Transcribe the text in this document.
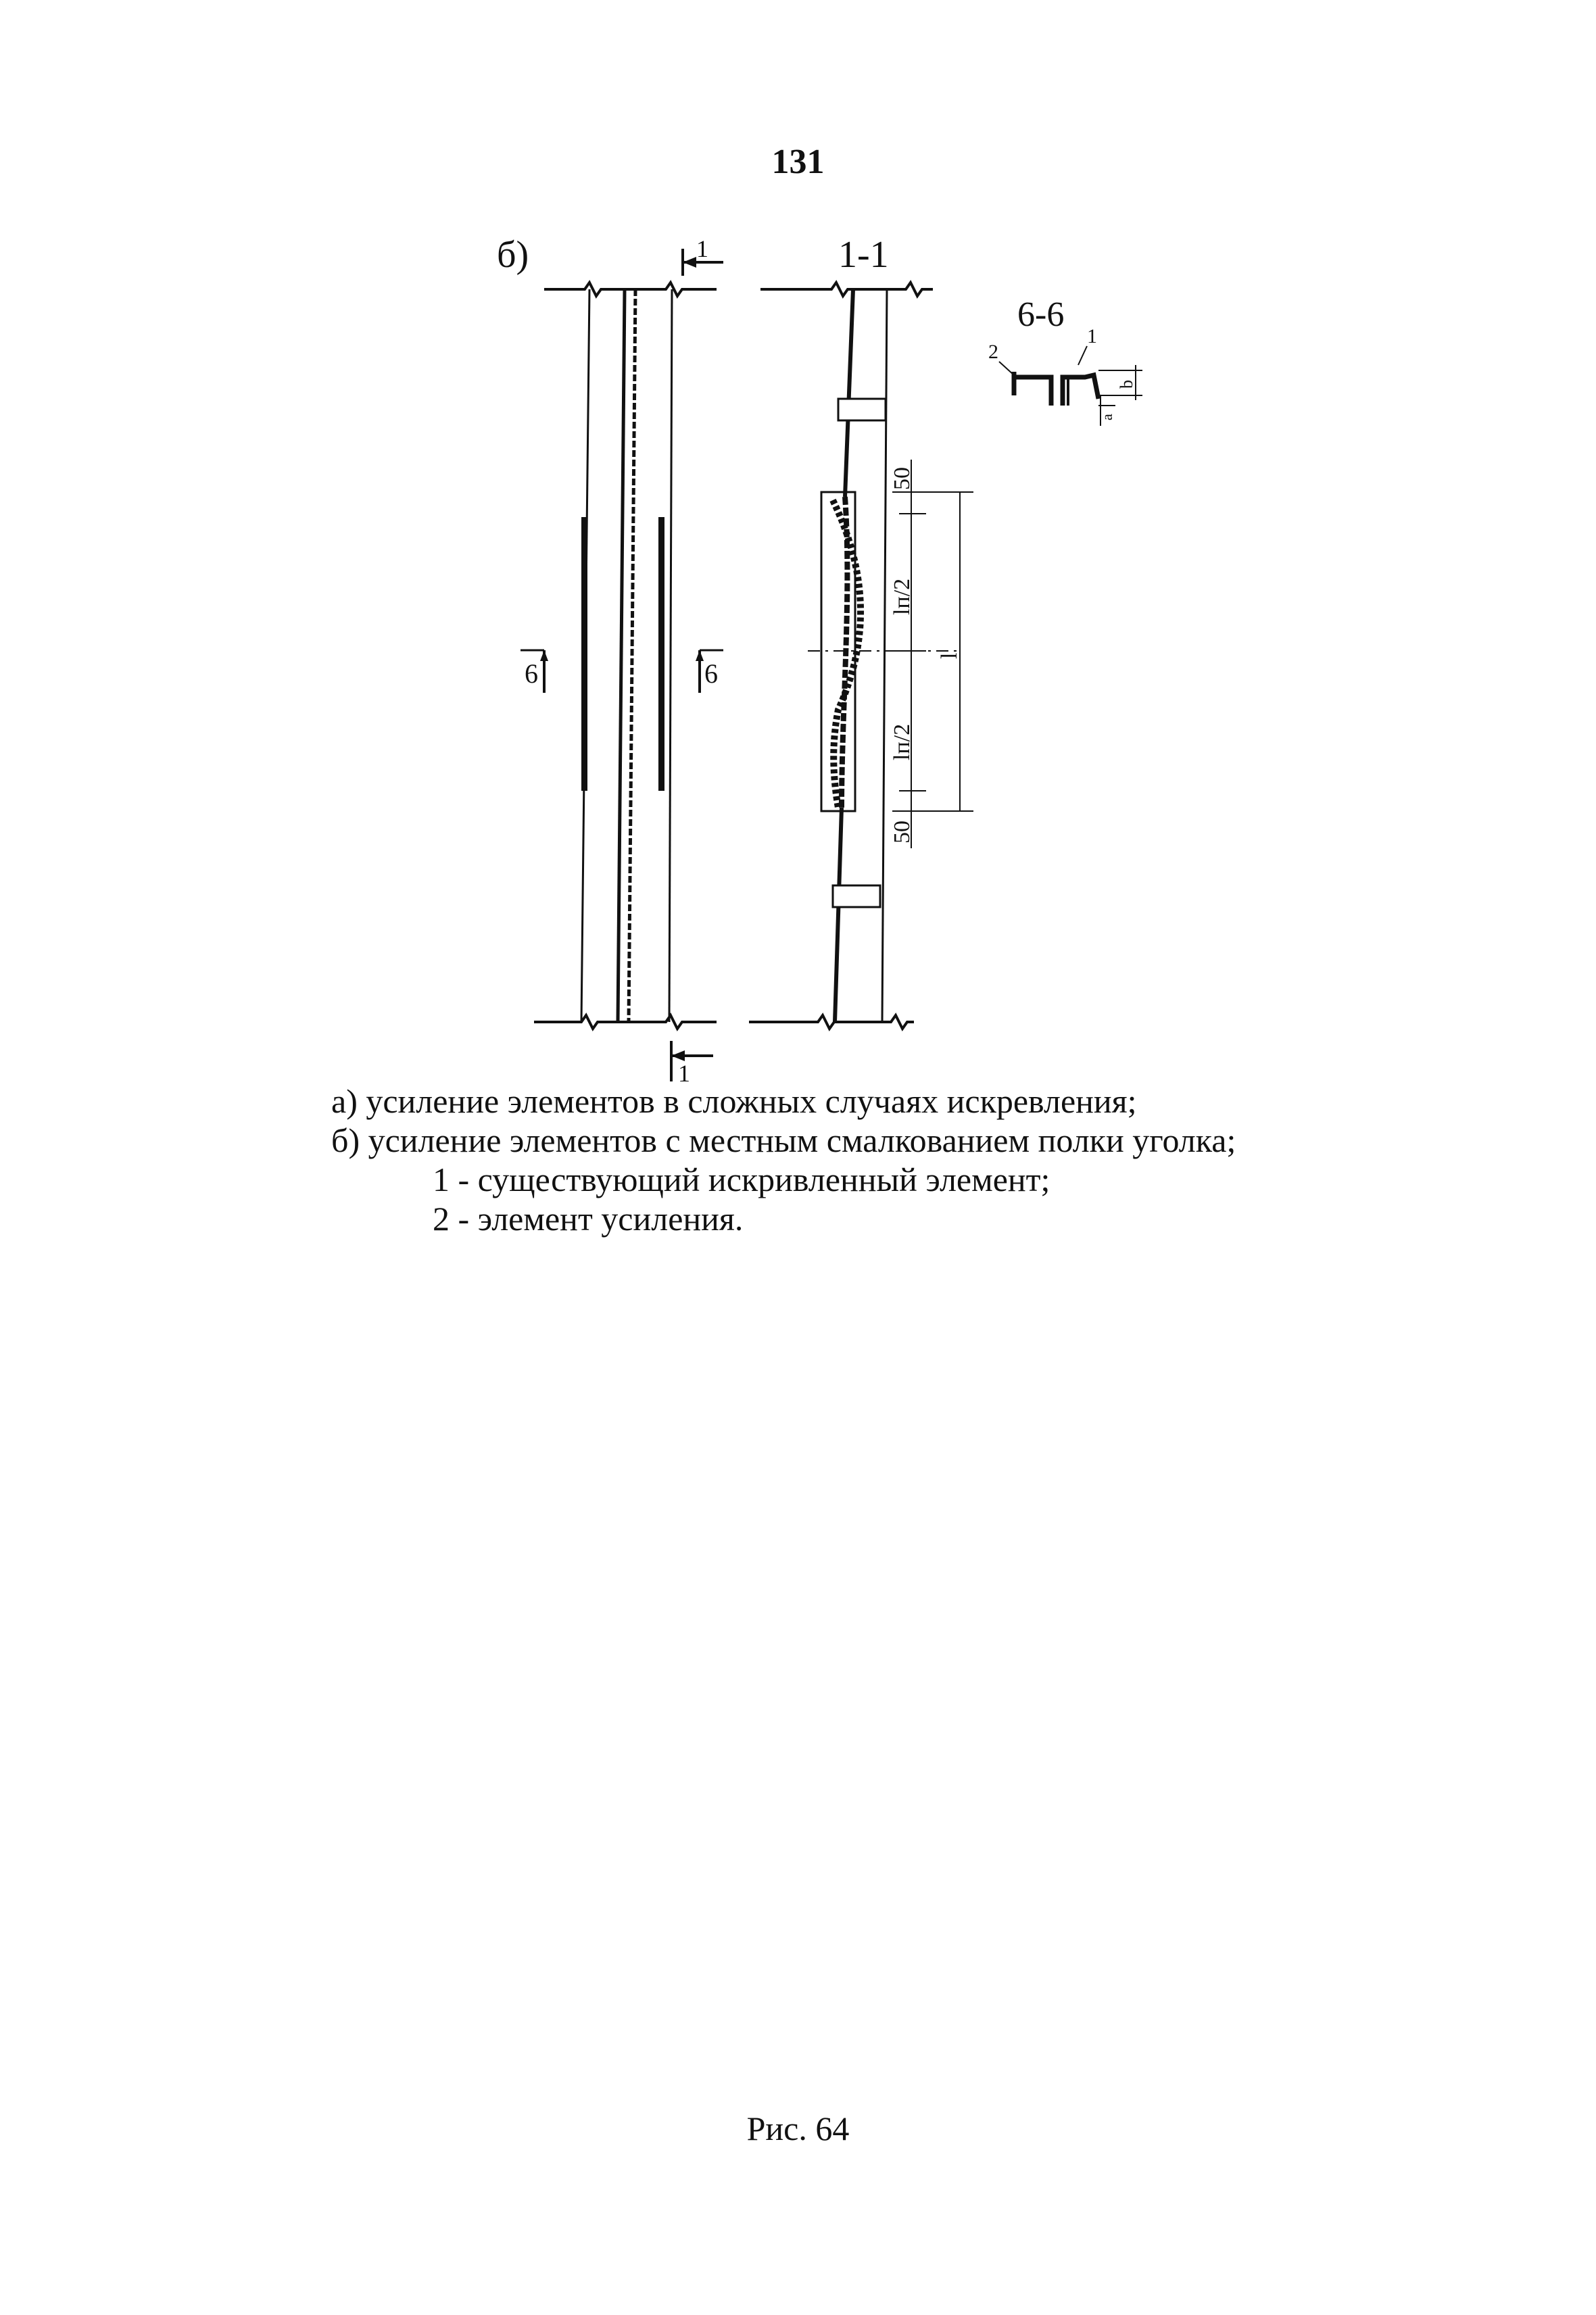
131
б)	1
6	6
1
1-1
50
lп/2
lп/2
50
l
6-6
2
1
b
a
а) усиление элементов в сложных случаях искревления;
б) усиление элементов с местным смалкованием полки уголка;
1 - существующий искривленный элемент;
2 - элемент усиления.
Рис. 64
